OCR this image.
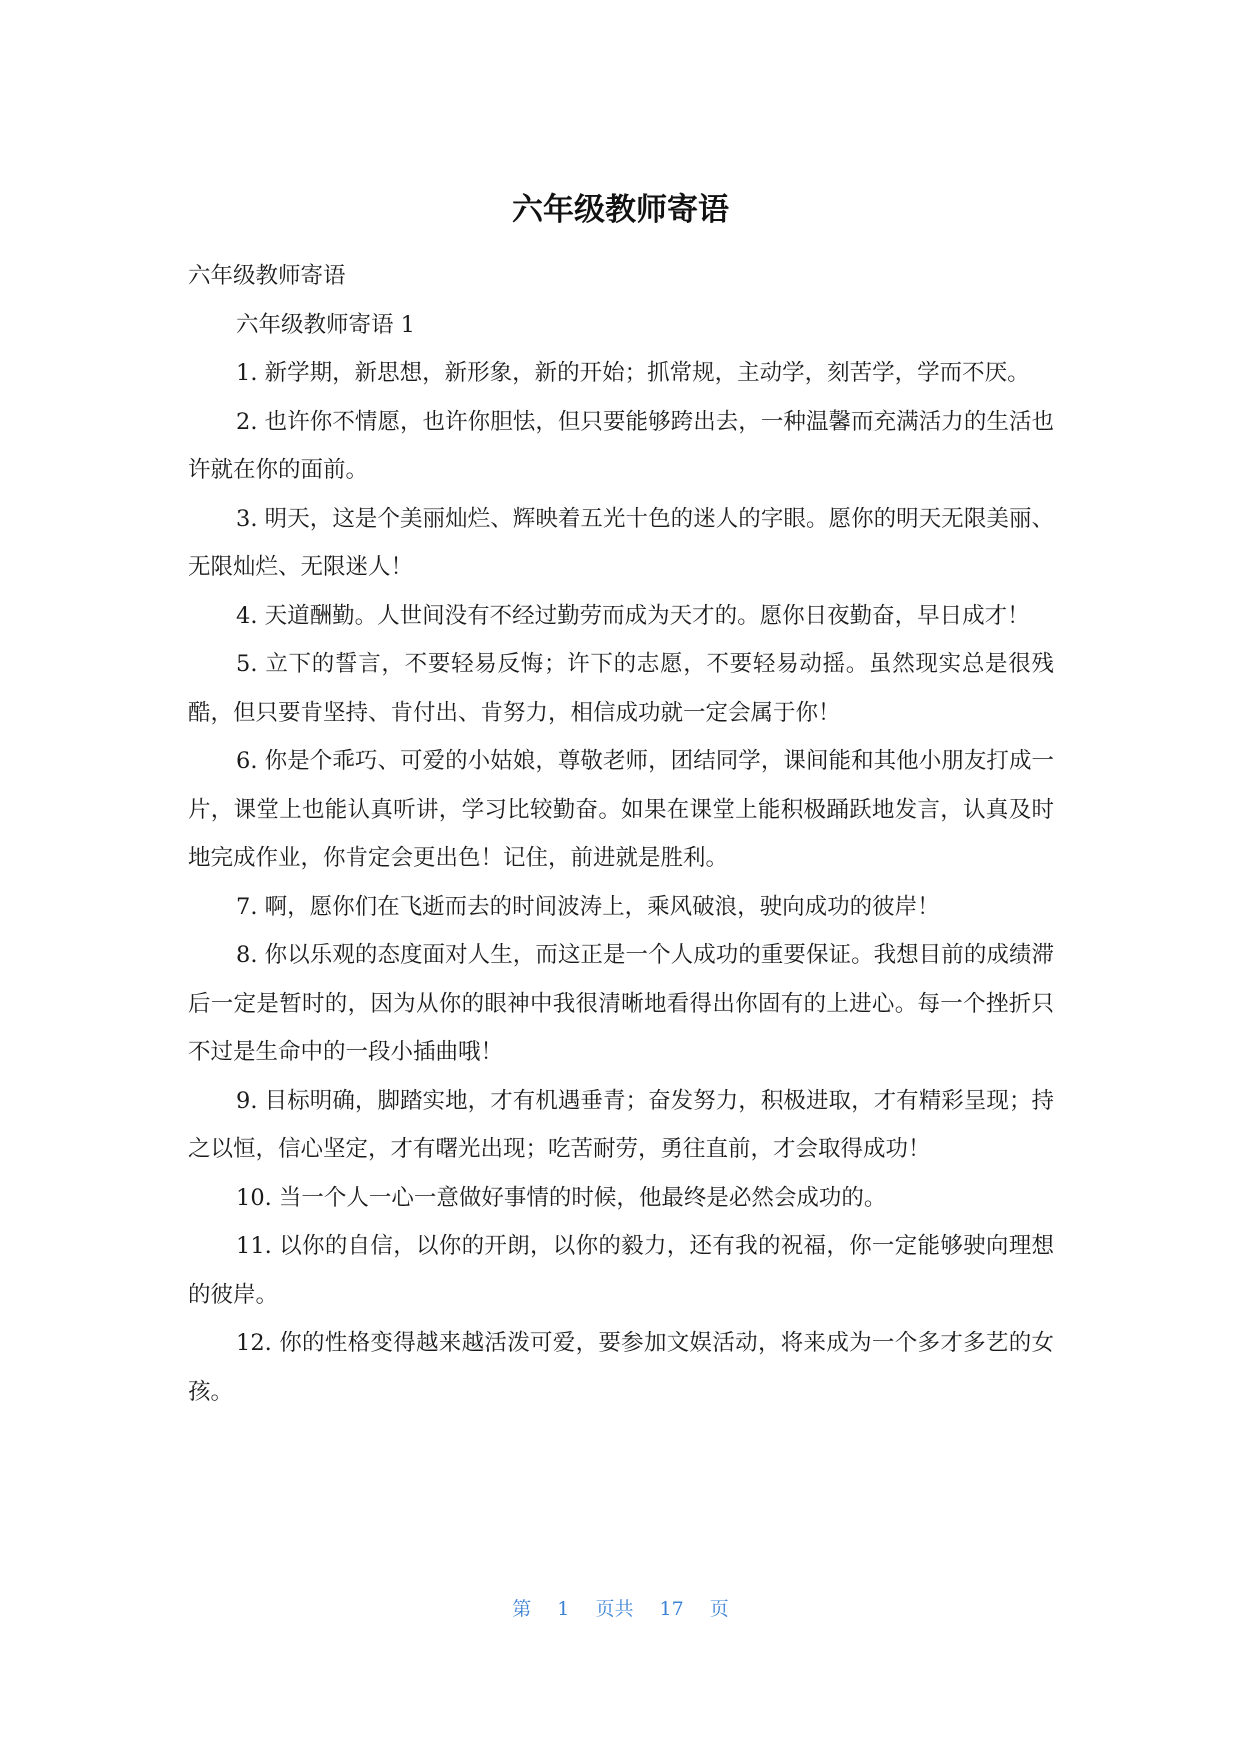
六年级教师寄语

六年级教师寄语

六年级教师寄语 1

1. 新学期，新思想，新形象，新的开始；抓常规，主动学，刻苦学，学而不厌。

2. 也许你不情愿，也许你胆怯，但只要能够跨出去，一种温馨而充满活力的生活也许就在你的面前。

3. 明天，这是个美丽灿烂、辉映着五光十色的迷人的字眼。愿你的明天无限美丽、无限灿烂、无限迷人！

4. 天道酬勤。人世间没有不经过勤劳而成为天才的。愿你日夜勤奋，早日成才！

5. 立下的誓言，不要轻易反悔；许下的志愿，不要轻易动摇。虽然现实总是很残酷，但只要肯坚持、肯付出、肯努力，相信成功就一定会属于你！

6. 你是个乖巧、可爱的小姑娘，尊敬老师，团结同学，课间能和其他小朋友打成一片，课堂上也能认真听讲，学习比较勤奋。如果在课堂上能积极踊跃地发言，认真及时地完成作业，你肯定会更出色！记住，前进就是胜利。

7. 啊，愿你们在飞逝而去的时间波涛上，乘风破浪，驶向成功的彼岸！

8. 你以乐观的态度面对人生，而这正是一个人成功的重要保证。我想目前的成绩滞后一定是暂时的，因为从你的眼神中我很清晰地看得出你固有的上进心。每一个挫折只不过是生命中的一段小插曲哦！

9. 目标明确，脚踏实地，才有机遇垂青；奋发努力，积极进取，才有精彩呈现；持之以恒，信心坚定，才有曙光出现；吃苦耐劳，勇往直前，才会取得成功！

10. 当一个人一心一意做好事情的时候，他最终是必然会成功的。

11. 以你的自信，以你的开朗，以你的毅力，还有我的祝福，你一定能够驶向理想的彼岸。

12. 你的性格变得越来越活泼可爱，要参加文娱活动，将来成为一个多才多艺的女孩。

第 1 页共 17 页
